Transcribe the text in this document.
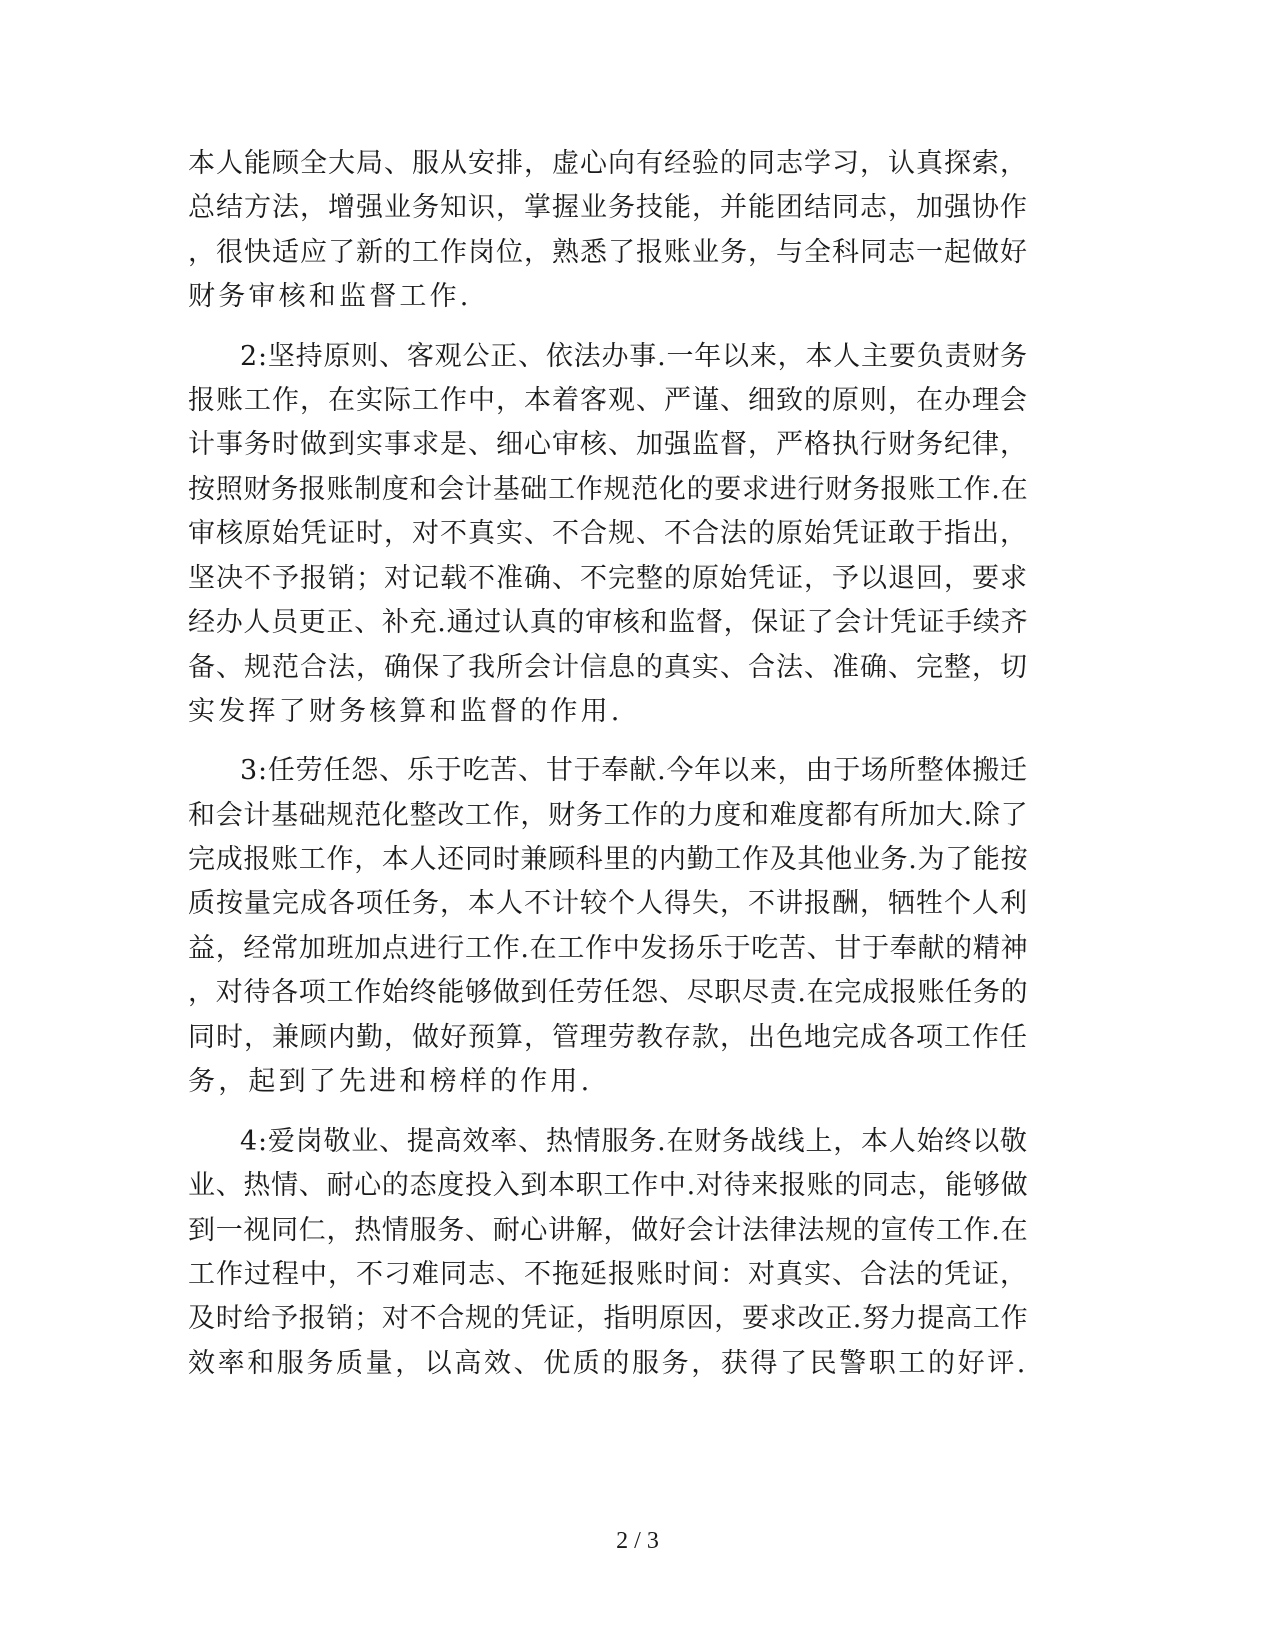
本人能顾全大局、服从安排，虚心向有经验的同志学习，认真探索，
总结方法，增强业务知识，掌握业务技能，并能团结同志，加强协作
，很快适应了新的工作岗位，熟悉了报账业务，与全科同志一起做好
财务审核和监督工作.
2:坚持原则、客观公正、依法办事.一年以来，本人主要负责财务
报账工作，在实际工作中，本着客观、严谨、细致的原则，在办理会
计事务时做到实事求是、细心审核、加强监督，严格执行财务纪律，
按照财务报账制度和会计基础工作规范化的要求进行财务报账工作.在
审核原始凭证时，对不真实、不合规、不合法的原始凭证敢于指出，
坚决不予报销；对记载不准确、不完整的原始凭证，予以退回，要求
经办人员更正、补充.通过认真的审核和监督，保证了会计凭证手续齐
备、规范合法，确保了我所会计信息的真实、合法、准确、完整，切
实发挥了财务核算和监督的作用.
3:任劳任怨、乐于吃苦、甘于奉献.今年以来，由于场所整体搬迁
和会计基础规范化整改工作，财务工作的力度和难度都有所加大.除了
完成报账工作，本人还同时兼顾科里的内勤工作及其他业务.为了能按
质按量完成各项任务，本人不计较个人得失，不讲报酬，牺牲个人利
益，经常加班加点进行工作.在工作中发扬乐于吃苦、甘于奉献的精神
，对待各项工作始终能够做到任劳任怨、尽职尽责.在完成报账任务的
同时，兼顾内勤，做好预算，管理劳教存款，出色地完成各项工作任
务，起到了先进和榜样的作用.
4:爱岗敬业、提高效率、热情服务.在财务战线上，本人始终以敬
业、热情、耐心的态度投入到本职工作中.对待来报账的同志，能够做
到一视同仁，热情服务、耐心讲解，做好会计法律法规的宣传工作.在
工作过程中，不刁难同志、不拖延报账时间：对真实、合法的凭证，
及时给予报销；对不合规的凭证，指明原因，要求改正.努力提高工作
效率和服务质量，以高效、优质的服务，获得了民警职工的好评.
2 / 3
